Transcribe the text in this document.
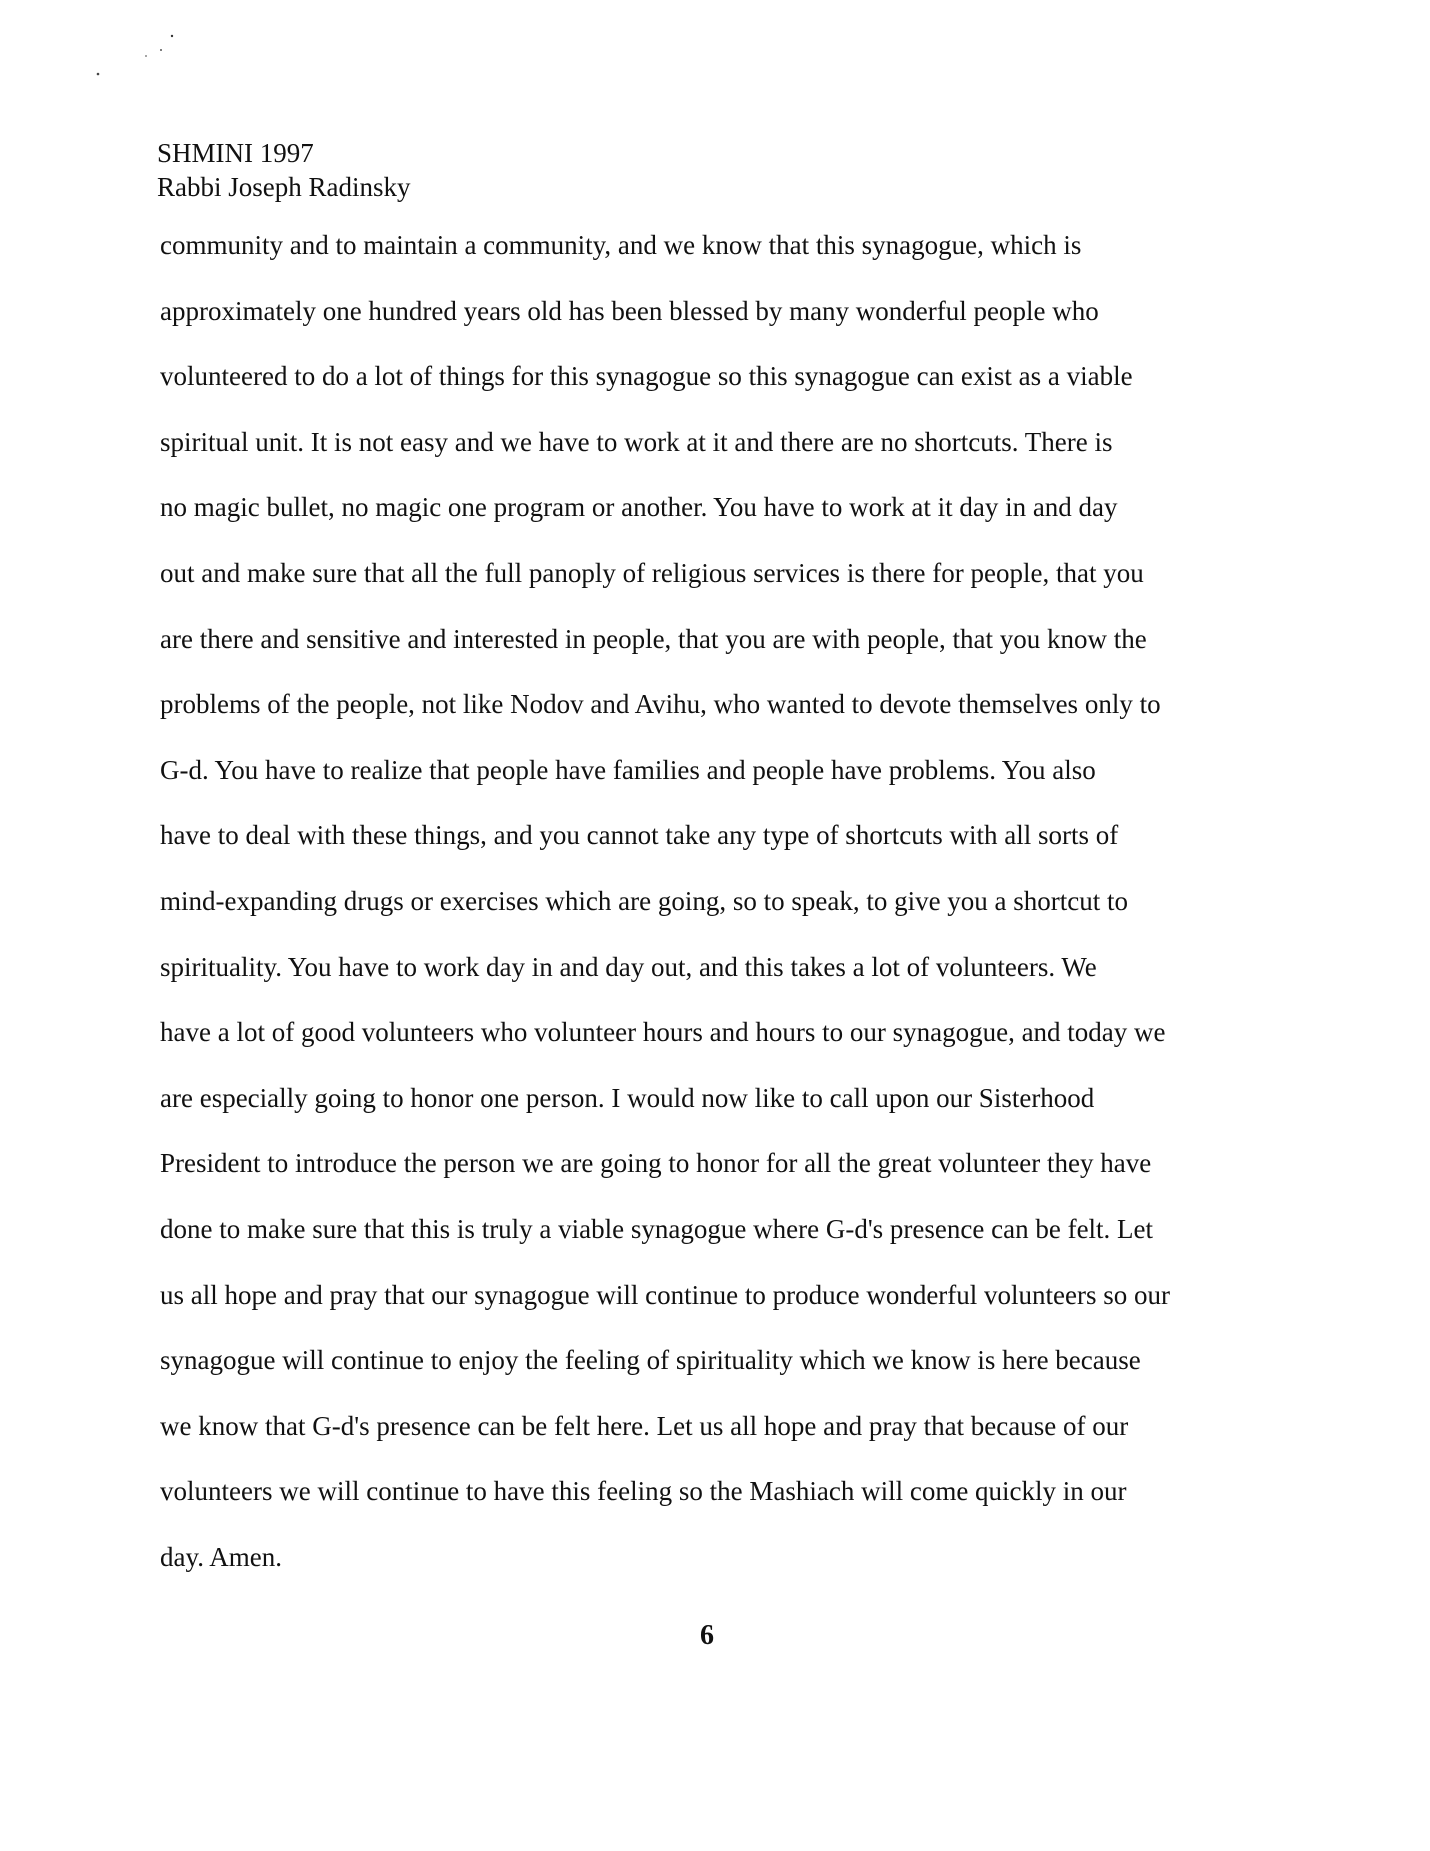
SHMINI 1997
Rabbi Joseph Radinsky
community and to maintain a community, and we know that this synagogue, which is
approximately one hundred years old has been blessed by many wonderful people who
volunteered to do a lot of things for this synagogue so this synagogue can exist as a viable
spiritual unit. It is not easy and we have to work at it and there are no shortcuts. There is
no magic bullet, no magic one program or another. You have to work at it day in and day
out and make sure that all the full panoply of religious services is there for people, that you
are there and sensitive and interested in people, that you are with people, that you know the
problems of the people, not like Nodov and Avihu, who wanted to devote themselves only to
G-d. You have to realize that people have families and people have problems. You also
have to deal with these things, and you cannot take any type of shortcuts with all sorts of
mind-expanding drugs or exercises which are going, so to speak, to give you a shortcut to
spirituality. You have to work day in and day out, and this takes a lot of volunteers. We
have a lot of good volunteers who volunteer hours and hours to our synagogue, and today we
are especially going to honor one person. I would now like to call upon our Sisterhood
President to introduce the person we are going to honor for all the great volunteer they have
done to make sure that this is truly a viable synagogue where G-d's presence can be felt. Let
us all hope and pray that our synagogue will continue to produce wonderful volunteers so our
synagogue will continue to enjoy the feeling of spirituality which we know is here because
we know that G-d's presence can be felt here. Let us all hope and pray that because of our
volunteers we will continue to have this feeling so the Mashiach will come quickly in our
day. Amen.
6
